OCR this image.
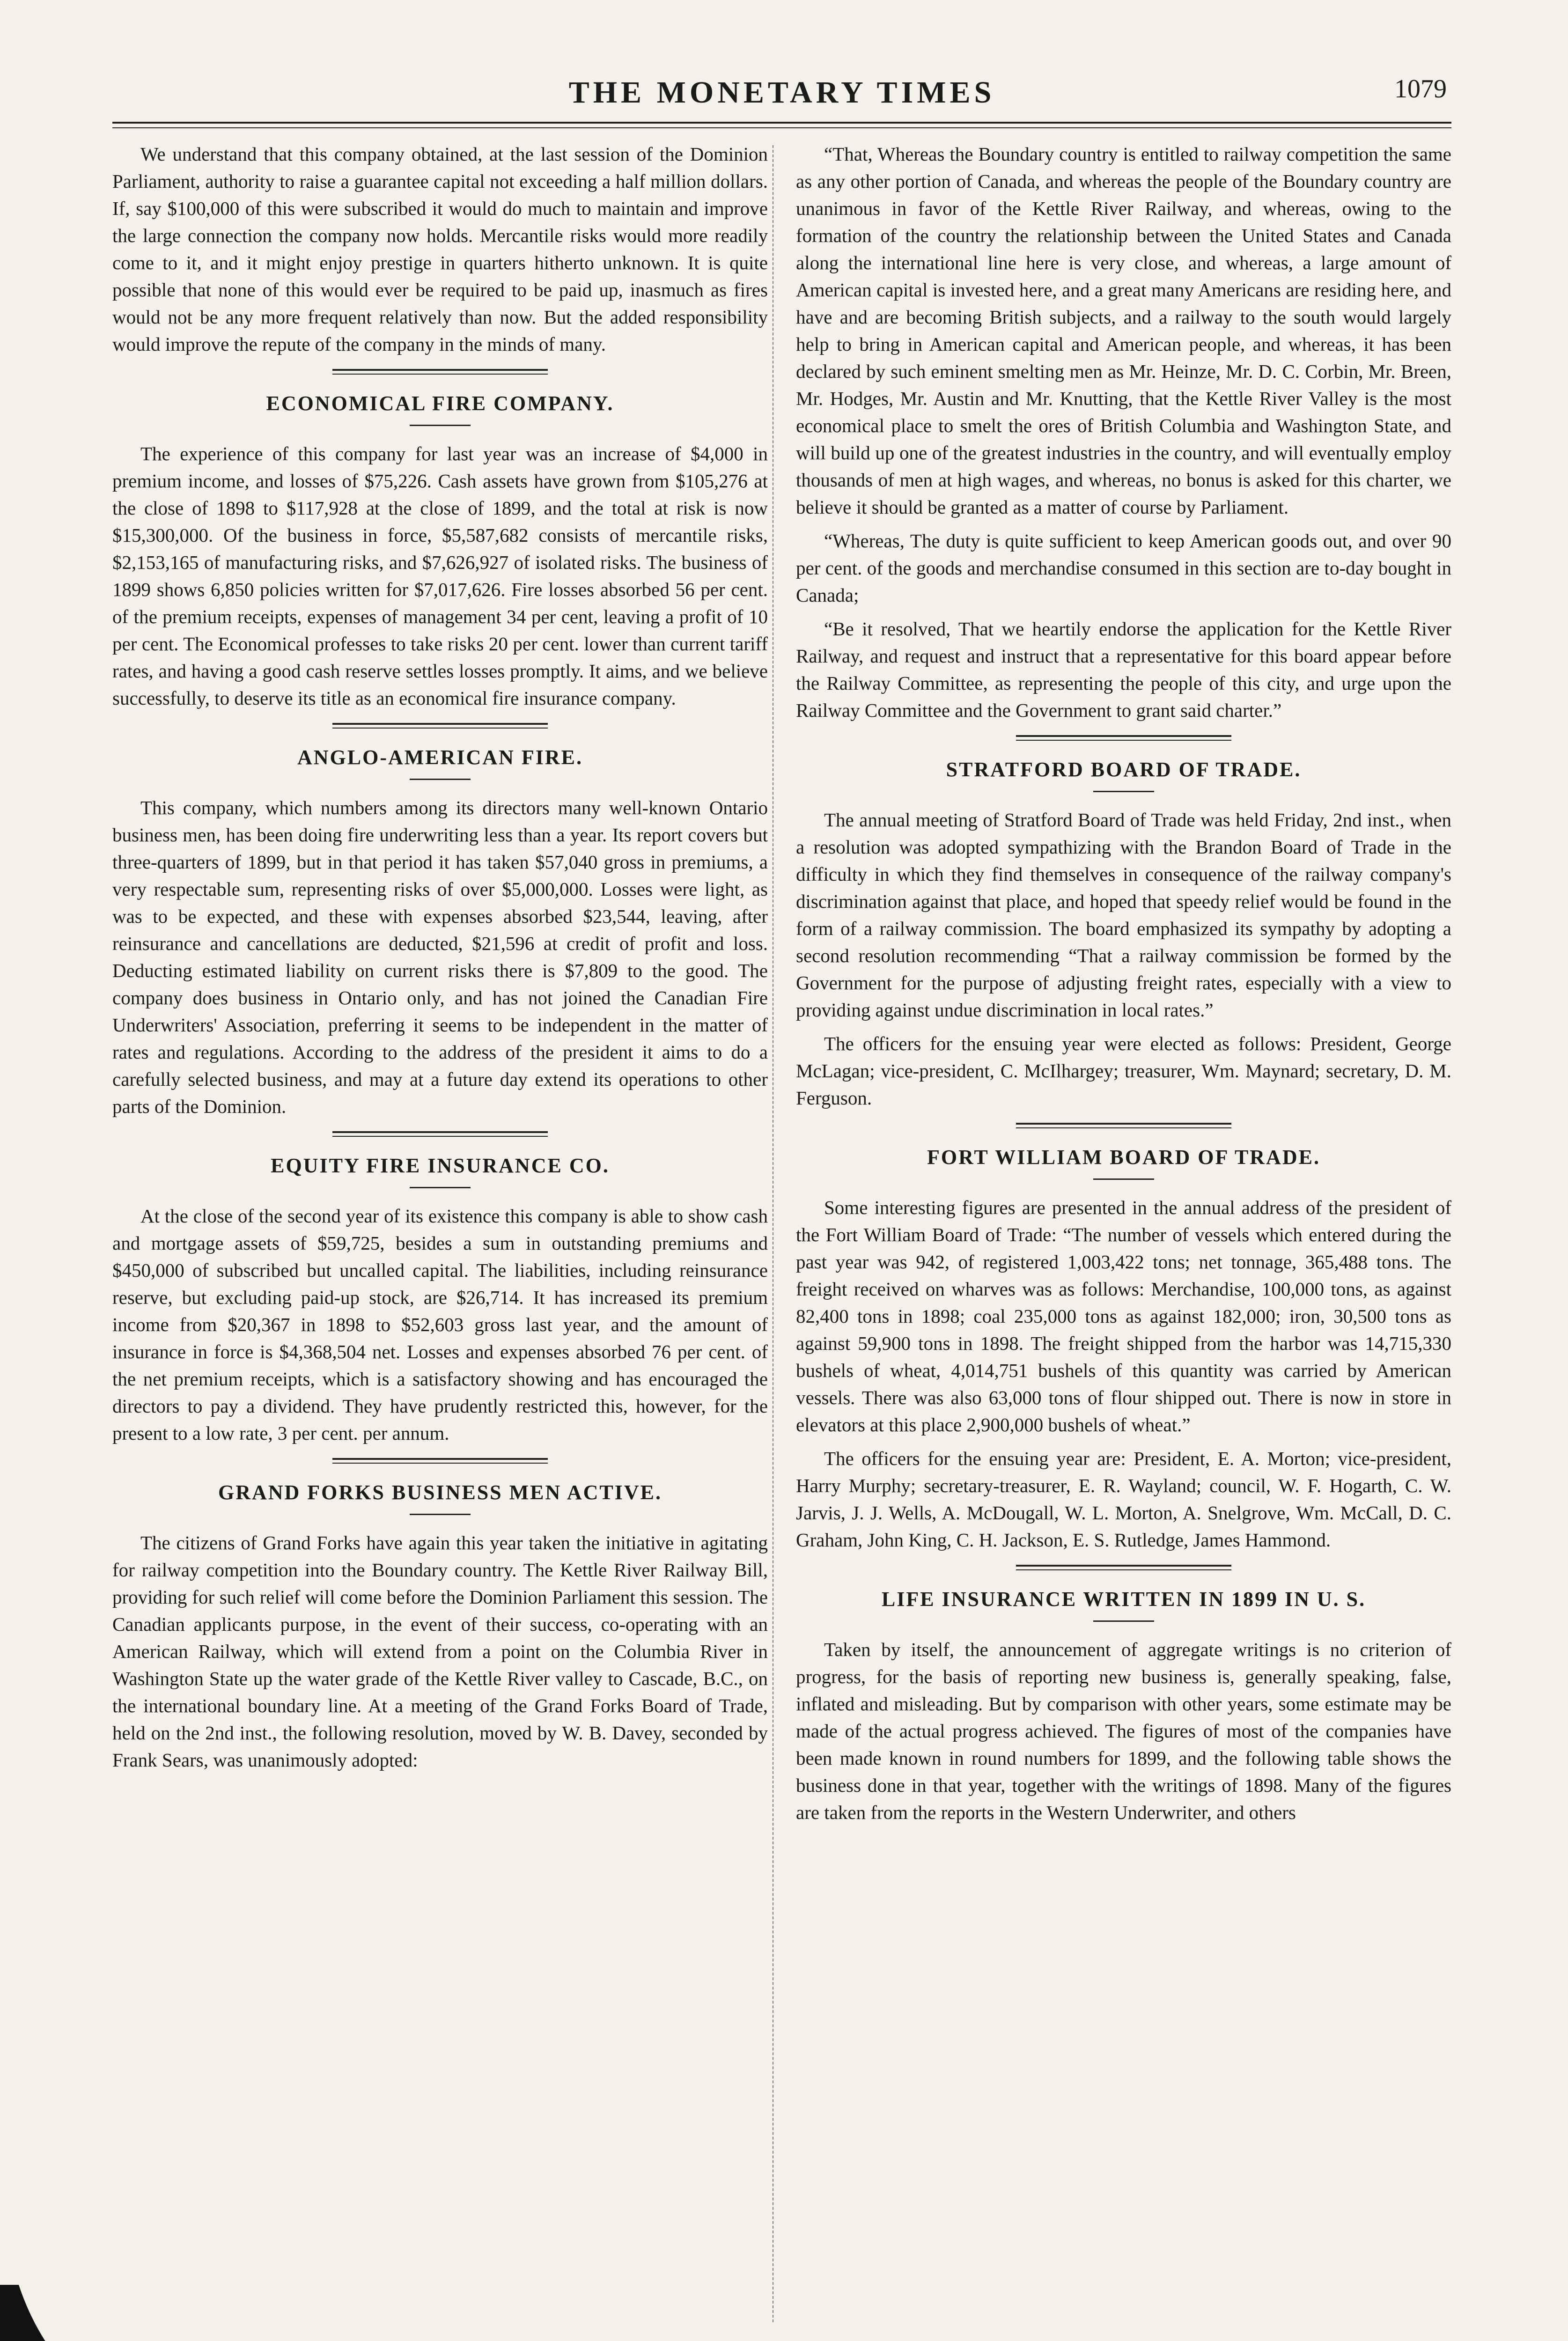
THE MONETARY TIMES	1079

We understand that this company obtained, at the last session of the Dominion Parliament, authority to raise a guarantee capital not exceeding a half million dollars. If, say $100,000 of this were subscribed it would do much to maintain and improve the large connection the company now holds. Mercantile risks would more readily come to it, and it might enjoy prestige in quarters hitherto unknown. It is quite possible that none of this would ever be required to be paid up, inasmuch as fires would not be any more frequent relatively than now. But the added responsibility would improve the repute of the company in the minds of many.

ECONOMICAL FIRE COMPANY.

The experience of this company for last year was an increase of $4,000 in premium income, and losses of $75,226. Cash assets have grown from $105,276 at the close of 1898 to $117,928 at the close of 1899, and the total at risk is now $15,300,000. Of the business in force, $5,587,682 consists of mercantile risks, $2,153,165 of manufacturing risks, and $7,626,927 of isolated risks. The business of 1899 shows 6,850 policies written for $7,017,626. Fire losses absorbed 56 per cent. of the premium receipts, expenses of management 34 per cent, leaving a profit of 10 per cent. The Economical professes to take risks 20 per cent. lower than current tariff rates, and having a good cash reserve settles losses promptly. It aims, and we believe successfully, to deserve its title as an economical fire insurance company.

ANGLO-AMERICAN FIRE.

This company, which numbers among its directors many well-known Ontario business men, has been doing fire underwriting less than a year. Its report covers but three-quarters of 1899, but in that period it has taken $57,040 gross in premiums, a very respectable sum, representing risks of over $5,000,000. Losses were light, as was to be expected, and these with expenses absorbed $23,544, leaving, after reinsurance and cancellations are deducted, $21,596 at credit of profit and loss. Deducting estimated liability on current risks there is $7,809 to the good. The company does business in Ontario only, and has not joined the Canadian Fire Underwriters' Association, preferring it seems to be independent in the matter of rates and regulations. According to the address of the president it aims to do a carefully selected business, and may at a future day extend its operations to other parts of the Dominion.

EQUITY FIRE INSURANCE CO.

At the close of the second year of its existence this company is able to show cash and mortgage assets of $59,725, besides a sum in outstanding premiums and $450,000 of subscribed but uncalled capital. The liabilities, including reinsurance reserve, but excluding paid-up stock, are $26,714. It has increased its premium income from $20,367 in 1898 to $52,603 gross last year, and the amount of insurance in force is $4,368,504 net. Losses and expenses absorbed 76 per cent. of the net premium receipts, which is a satisfactory showing and has encouraged the directors to pay a dividend. They have prudently restricted this, however, for the present to a low rate, 3 per cent. per annum.

GRAND FORKS BUSINESS MEN ACTIVE.

The citizens of Grand Forks have again this year taken the initiative in agitating for railway competition into the Boundary country. The Kettle River Railway Bill, providing for such relief will come before the Dominion Parliament this session. The Canadian applicants purpose, in the event of their success, co-operating with an American Railway, which will extend from a point on the Columbia River in Washington State up the water grade of the Kettle River valley to Cascade, B.C., on the international boundary line. At a meeting of the Grand Forks Board of Trade, held on the 2nd inst., the following resolution, moved by W. B. Davey, seconded by Frank Sears, was unanimously adopted:

“That, Whereas the Boundary country is entitled to railway competition the same as any other portion of Canada, and whereas the people of the Boundary country are unanimous in favor of the Kettle River Railway, and whereas, owing to the formation of the country the relationship between the United States and Canada along the international line here is very close, and whereas, a large amount of American capital is invested here, and a great many Americans are residing here, and have and are becoming British subjects, and a railway to the south would largely help to bring in American capital and American people, and whereas, it has been declared by such eminent smelting men as Mr. Heinze, Mr. D. C. Corbin, Mr. Breen, Mr. Hodges, Mr. Austin and Mr. Knutting, that the Kettle River Valley is the most economical place to smelt the ores of British Columbia and Washington State, and will build up one of the greatest industries in the country, and will eventually employ thousands of men at high wages, and whereas, no bonus is asked for this charter, we believe it should be granted as a matter of course by Parliament.

“Whereas, The duty is quite sufficient to keep American goods out, and over 90 per cent. of the goods and merchandise consumed in this section are to-day bought in Canada;

“Be it resolved, That we heartily endorse the application for the Kettle River Railway, and request and instruct that a representative for this board appear before the Railway Committee, as representing the people of this city, and urge upon the Railway Committee and the Government to grant said charter.”

STRATFORD BOARD OF TRADE.

The annual meeting of Stratford Board of Trade was held Friday, 2nd inst., when a resolution was adopted sympathizing with the Brandon Board of Trade in the difficulty in which they find themselves in consequence of the railway company's discrimination against that place, and hoped that speedy relief would be found in the form of a railway commission. The board emphasized its sympathy by adopting a second resolution recommending “That a railway commission be formed by the Government for the purpose of adjusting freight rates, especially with a view to providing against undue discrimination in local rates.”

The officers for the ensuing year were elected as follows: President, George McLagan; vice-president, C. McIlhargey; treasurer, Wm. Maynard; secretary, D. M. Ferguson.

FORT WILLIAM BOARD OF TRADE.

Some interesting figures are presented in the annual address of the president of the Fort William Board of Trade: “The number of vessels which entered during the past year was 942, of registered 1,003,422 tons; net tonnage, 365,488 tons. The freight received on wharves was as follows: Merchandise, 100,000 tons, as against 82,400 tons in 1898; coal 235,000 tons as against 182,000; iron, 30,500 tons as against 59,900 tons in 1898. The freight shipped from the harbor was 14,715,330 bushels of wheat, 4,014,751 bushels of this quantity was carried by American vessels. There was also 63,000 tons of flour shipped out. There is now in store in elevators at this place 2,900,000 bushels of wheat.”

The officers for the ensuing year are: President, E. A. Morton; vice-president, Harry Murphy; secretary-treasurer, E. R. Wayland; council, W. F. Hogarth, C. W. Jarvis, J. J. Wells, A. McDougall, W. L. Morton, A. Snelgrove, Wm. McCall, D. C. Graham, John King, C. H. Jackson, E. S. Rutledge, James Hammond.

LIFE INSURANCE WRITTEN IN 1899 IN U. S.

Taken by itself, the announcement of aggregate writings is no criterion of progress, for the basis of reporting new business is, generally speaking, false, inflated and misleading. But by comparison with other years, some estimate may be made of the actual progress achieved. The figures of most of the companies have been made known in round numbers for 1899, and the following table shows the business done in that year, together with the writings of 1898. Many of the figures are taken from the reports in the Western Underwriter, and others
